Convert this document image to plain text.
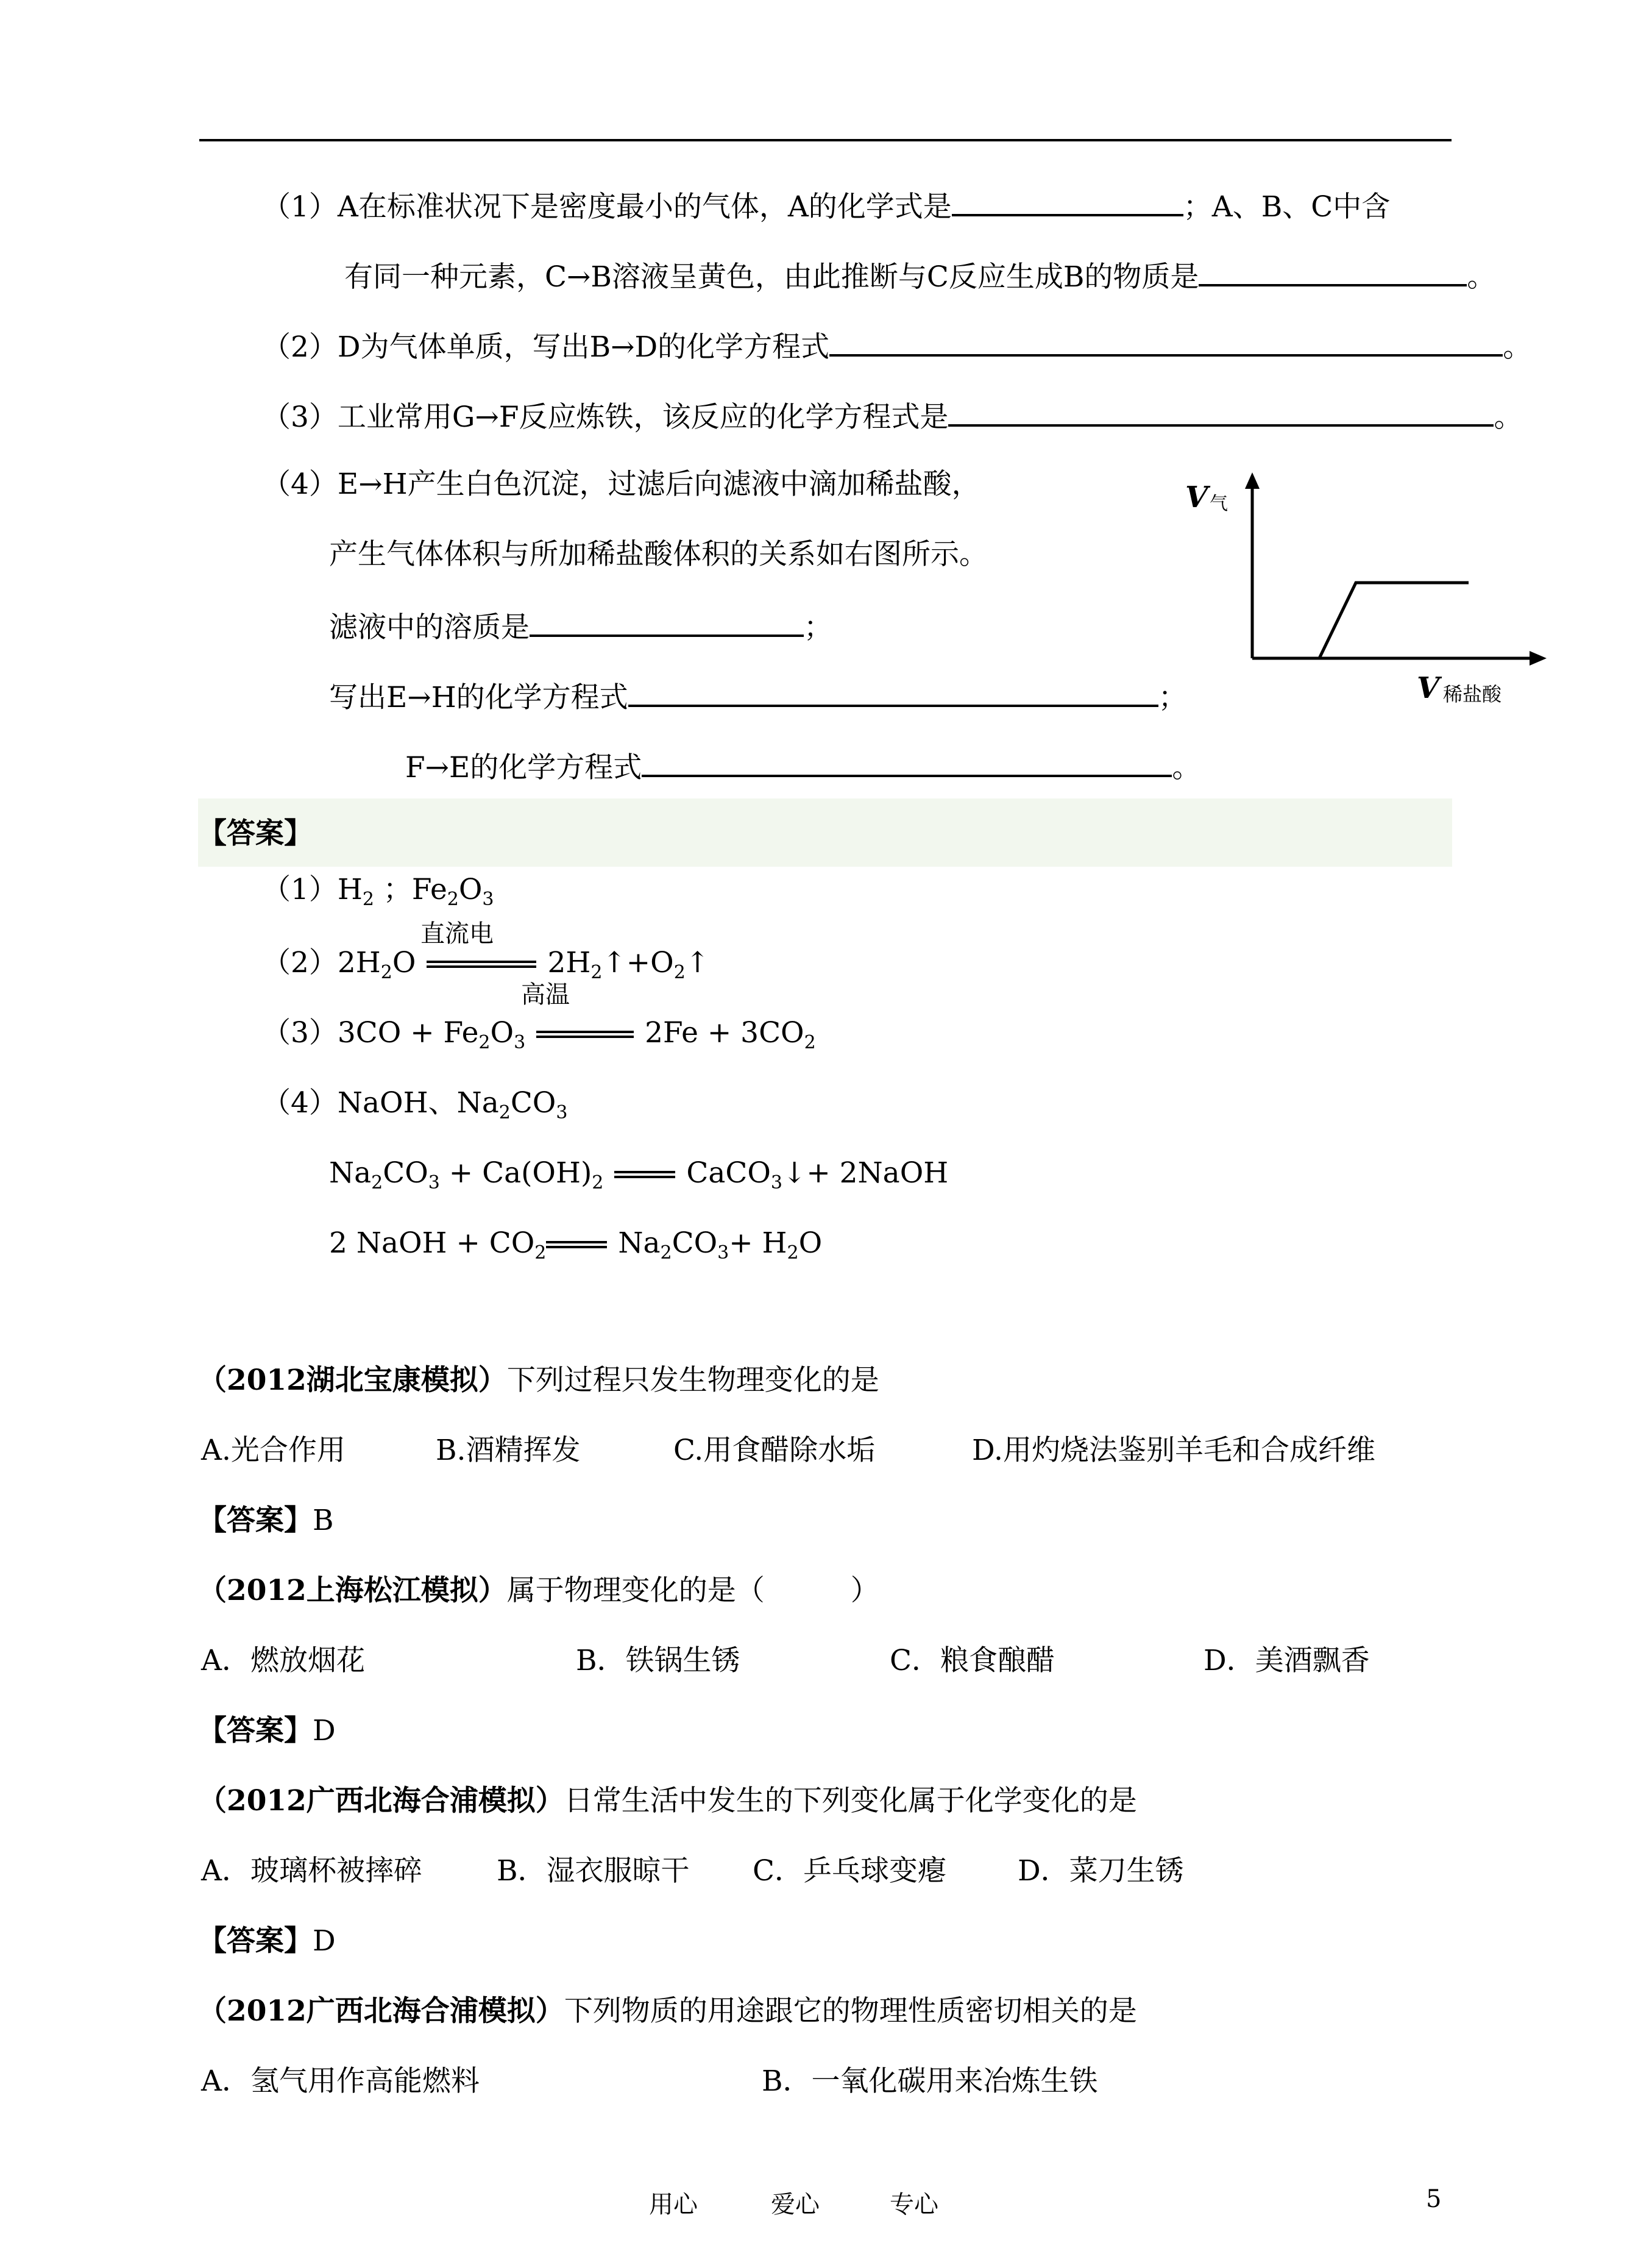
（1）A在标准状况下是密度最小的气体，A的化学式是	；A、B、C中含
有同一种元素，C→B溶液呈黄色，由此推断与C反应生成B的物质是	。
（2）D为气体单质，写出B→D的化学方程式	。
（3）工业常用G→F反应炼铁，该反应的化学方程式是	。
（4）E→H产生白色沉淀，过滤后向滤液中滴加稀盐酸，
产生气体体积与所加稀盐酸体积的关系如右图所示。
滤液中的溶质是	；
写出E→H的化学方程式	；
F→E的化学方程式	。
V 气
V 稀盐酸
【答案】
$(1)H_2$ ；$Fe_2O_3$
直流电
$(2)2H_2O$	$2H_2↑+O_2↑$
高温
$(3)3CO + Fe_2O_3$	$2Fe + 3CO_2$
（4）NaOH、$Na_2CO_3$
$Na_2CO_3 + Ca(OH)_2$	CaCO$_3$↓+ 2NaOH
2 NaOH + $CO_2$	$Na_2CO_3+ H_2O$
（2012湖北宝康模拟）下列过程只发生物理变化的是
A.光合作用	B.酒精挥发	C.用食醋除水垢	D.用灼烧法鉴别羊毛和合成纤维
【答案】B
（2012上海松江模拟）属于物理变化的是（　　　）
A．燃放烟花	B．铁锅生锈	C．粮食酿醋	D．美酒飘香
【答案】D
（2012广西北海合浦模拟）日常生活中发生的下列变化属于化学变化的是
A．玻璃杯被摔碎	B．湿衣服晾干 C．乒乓球变瘪 D．菜刀生锈
【答案】D
（2012广西北海合浦模拟）下列物质的用途跟它的物理性质密切相关的是
A．氢气用作高能燃料	B．一氧化碳用来冶炼生铁
用心	爱心	专心	5
